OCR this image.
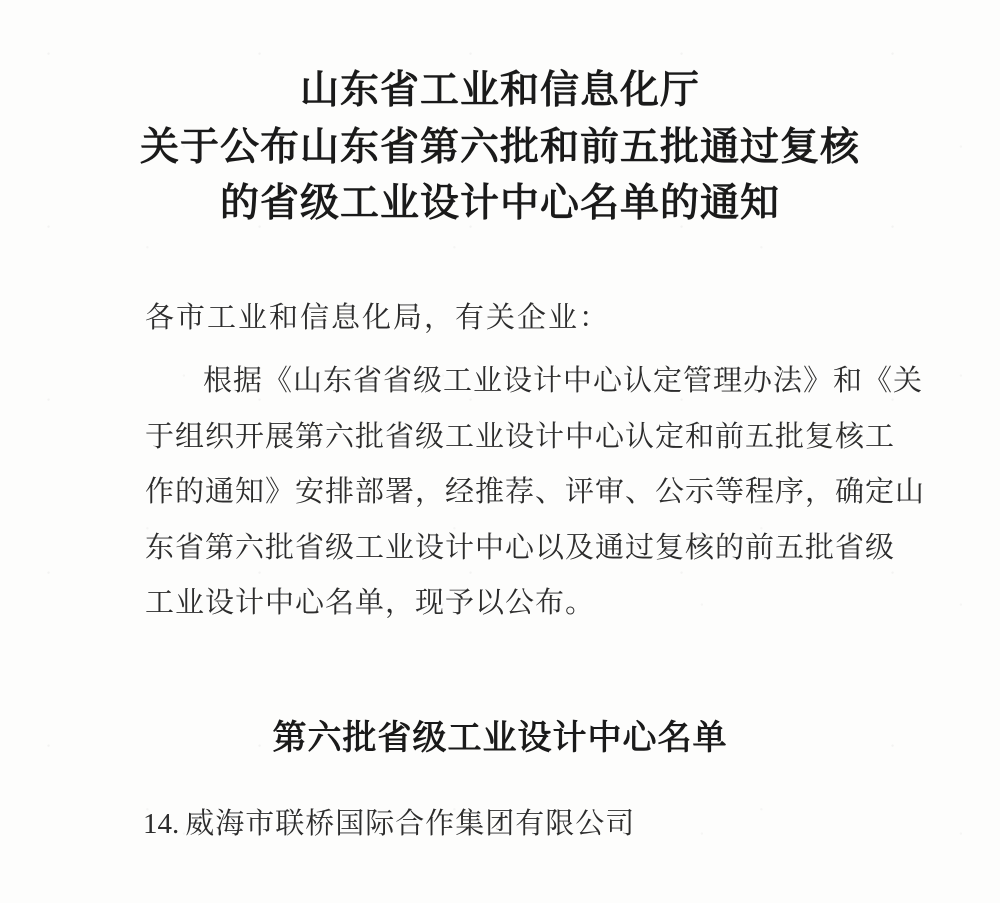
山东省工业和信息化厅
关于公布山东省第六批和前五批通过复核
的省级工业设计中心名单的通知
各市工业和信息化局，有关企业：
根据《山东省省级工业设计中心认定管理办法》和《关
于组织开展第六批省级工业设计中心认定和前五批复核工
作的通知》安排部署，经推荐、评审、公示等程序，确定山
东省第六批省级工业设计中心以及通过复核的前五批省级
工业设计中心名单，现予以公布。
第六批省级工业设计中心名单
14. 威海市联桥国际合作集团有限公司
